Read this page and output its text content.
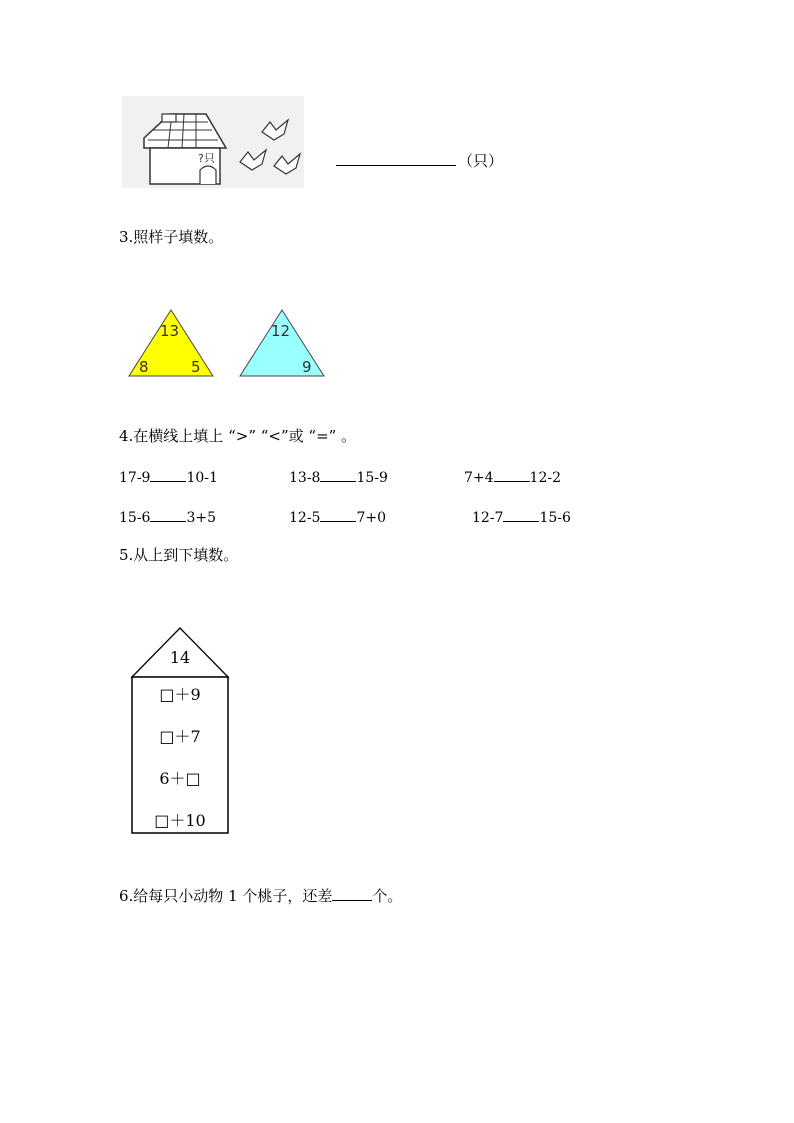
?只	（只）
3.照样子填数。
13
8	5
12
9
4.在横线上填上 “>” “<”或 “=” 。
17-9	10-1	13-8	15-9	7+4	12-2
15-6	3+5	12-5	7+0	12-7	15-6
5.从上到下填数。
14
□＋9
□＋7
6＋□
□＋10
6.给每只小动物 1 个桃子，还差	个。
